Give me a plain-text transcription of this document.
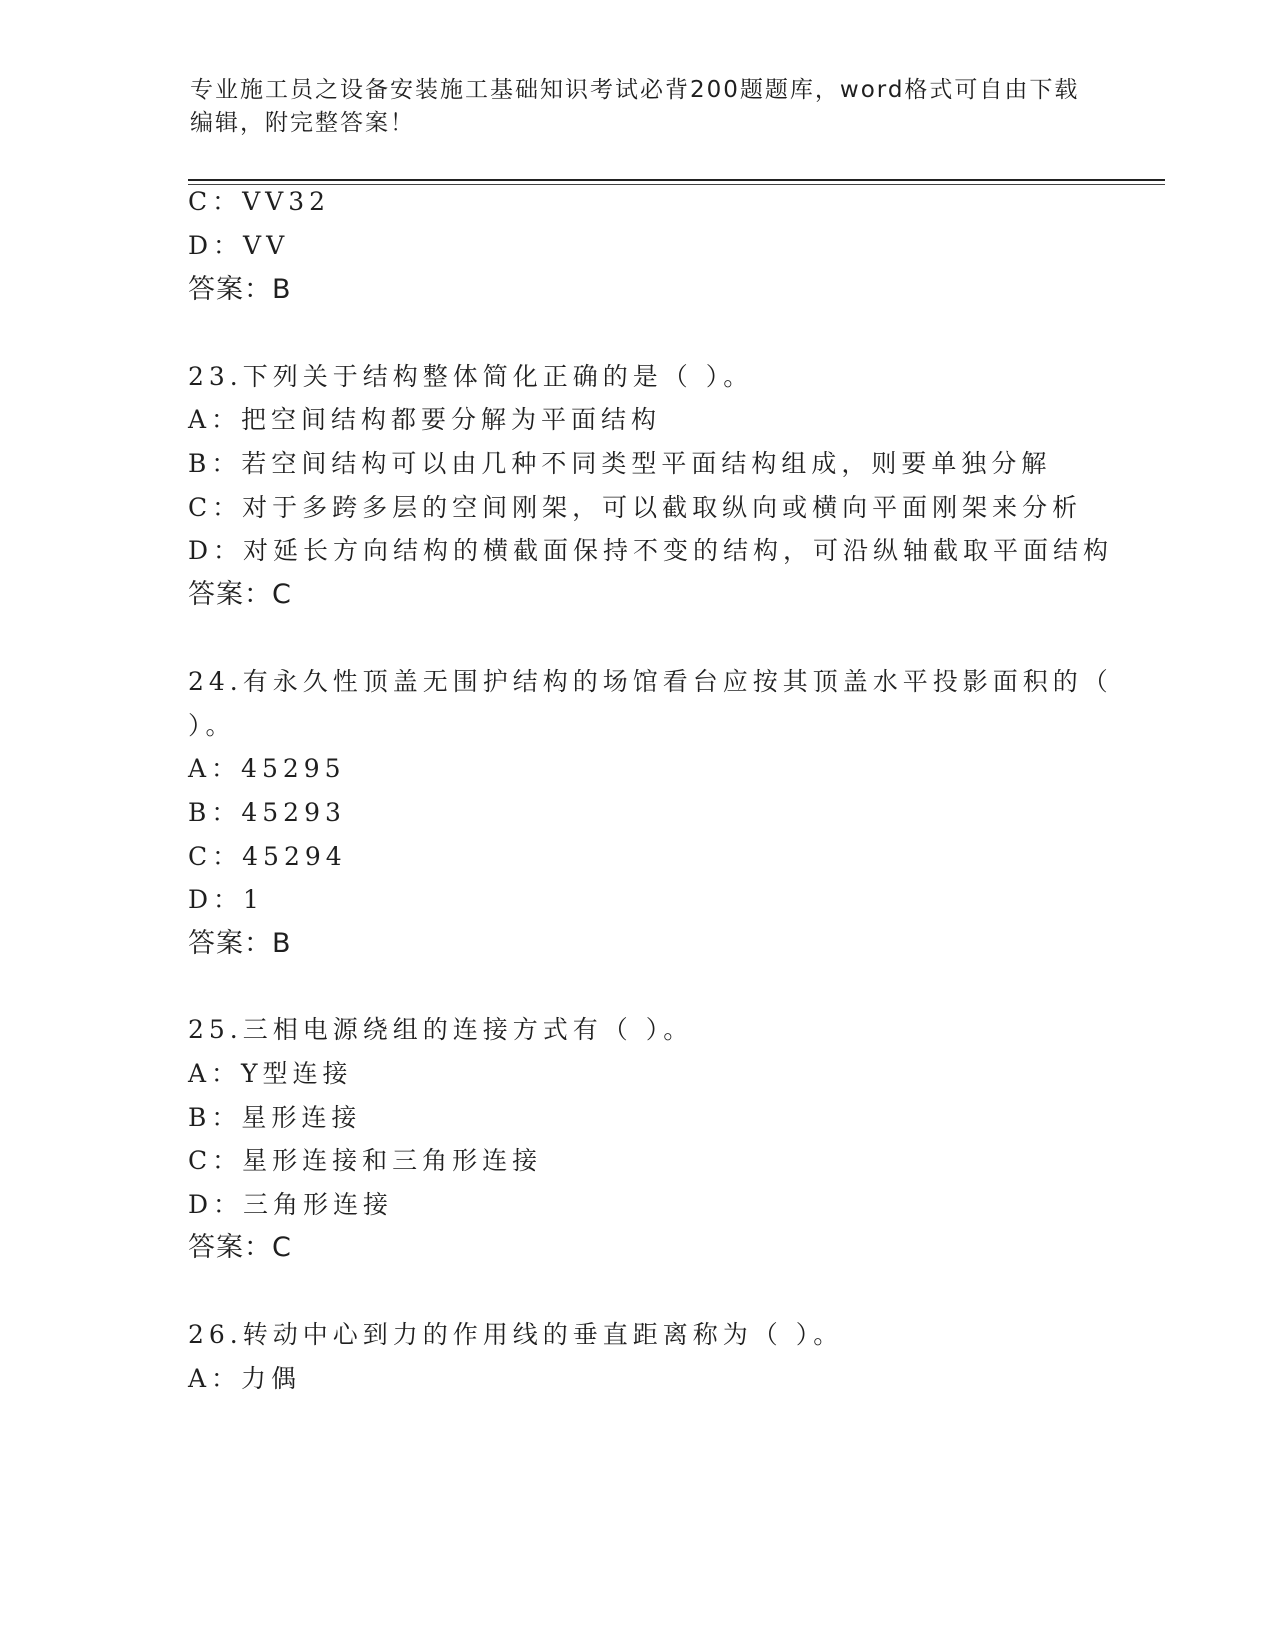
专业施工员之设备安装施工基础知识考试必背200题题库，word格式可自由下载
编辑，附完整答案！
C：VV32
D：VV
答案：B
23.下列关于结构整体简化正确的是（ ）。
A：把空间结构都要分解为平面结构
B：若空间结构可以由几种不同类型平面结构组成，则要单独分解
C：对于多跨多层的空间刚架，可以截取纵向或横向平面刚架来分析
D：对延长方向结构的横截面保持不变的结构，可沿纵轴截取平面结构
答案：C
24.有永久性顶盖无围护结构的场馆看台应按其顶盖水平投影面积的（
）。
A：45295
B：45293
C：45294
D：1
答案：B
25.三相电源绕组的连接方式有（ ）。
A：Y型连接
B：星形连接
C：星形连接和三角形连接
D：三角形连接
答案：C
26.转动中心到力的作用线的垂直距离称为（ ）。
A：力偶
